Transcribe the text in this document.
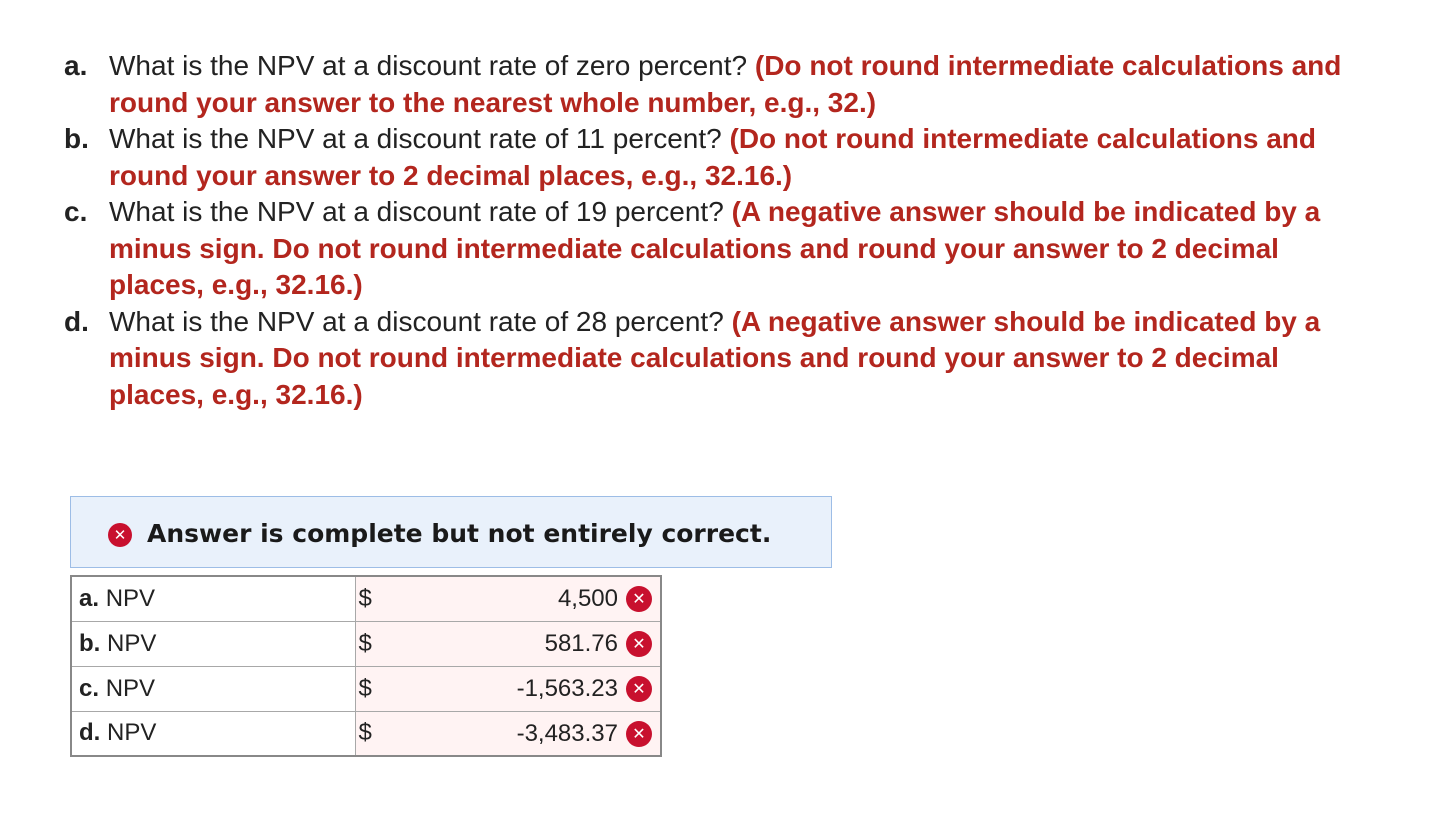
a. What is the NPV at a discount rate of zero percent? (Do not round intermediate calculations and round your answer to the nearest whole number, e.g., 32.)
b. What is the NPV at a discount rate of 11 percent? (Do not round intermediate calculations and round your answer to 2 decimal places, e.g., 32.16.)
c. What is the NPV at a discount rate of 19 percent? (A negative answer should be indicated by a minus sign. Do not round intermediate calculations and round your answer to 2 decimal places, e.g., 32.16.)
d. What is the NPV at a discount rate of 28 percent? (A negative answer should be indicated by a minus sign. Do not round intermediate calculations and round your answer to 2 decimal places, e.g., 32.16.)
✕ Answer is complete but not entirely correct.
a. NPV	$	4,500 ✕
b. NPV	$	581.76 ✕
c. NPV	$	-1,563.23 ✕
d. NPV	$	-3,483.37 ✕
